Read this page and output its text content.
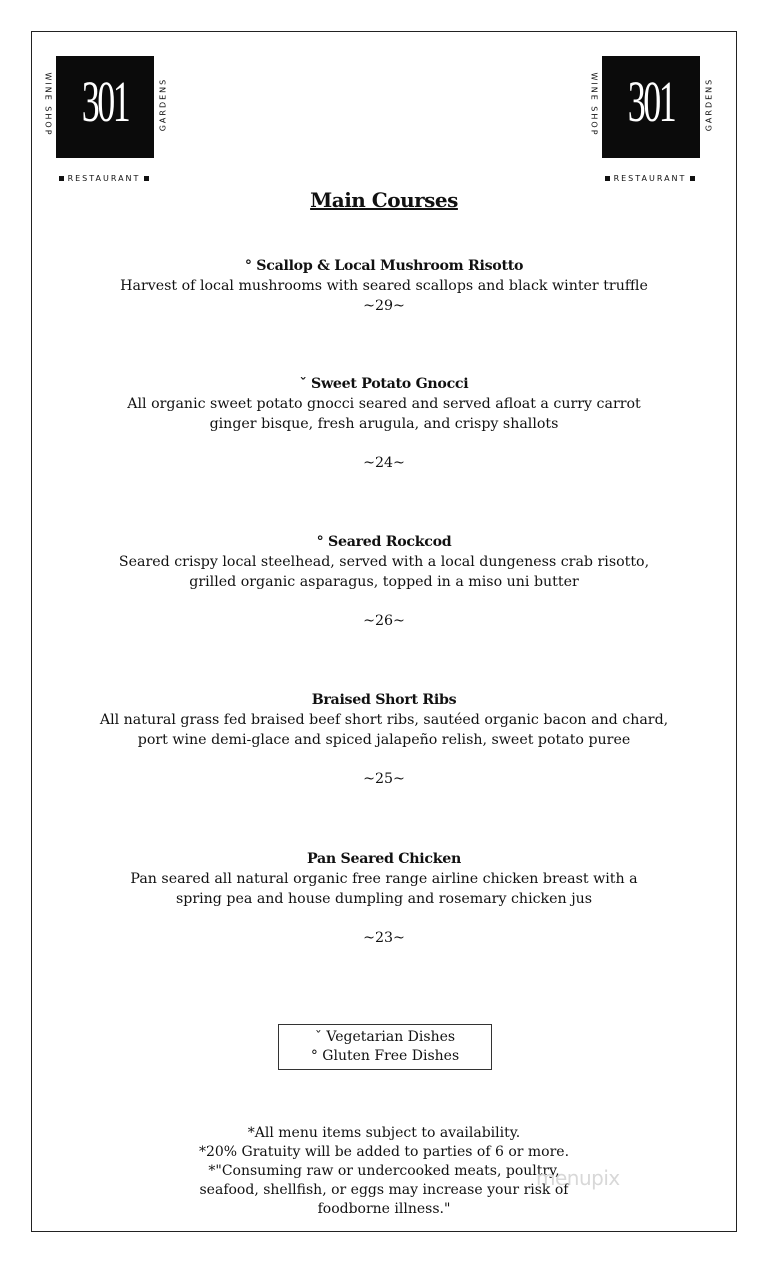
301
WINE SHOP	GARDENS
RESTAURANT
301
WINE SHOP	GARDENS
RESTAURANT
Main Courses
° Scallop & Local Mushroom Risotto
Harvest of local mushrooms with seared scallops and black winter truffle
~29~
ˇ Sweet Potato Gnocci
All organic sweet potato gnocci seared and served afloat a curry carrot ginger bisque, fresh arugula, and crispy shallots
~24~
° Seared Rockcod
Seared crispy local steelhead, served with a local dungeness crab risotto, grilled organic asparagus, topped in a miso uni butter
~26~
Braised Short Ribs
All natural grass fed braised beef short ribs, sautéed organic bacon and chard, port wine demi-glace and spiced jalapeño relish, sweet potato puree
~25~
Pan Seared Chicken
Pan seared all natural organic free range airline chicken breast with a spring pea and house dumpling and rosemary chicken jus
~23~
ˇ Vegetarian Dishes
° Gluten Free Dishes
*All menu items subject to availability.
*20% Gratuity will be added to parties of 6 or more.
*"Consuming raw or undercooked meats, poultry, seafood, shellfish, or eggs may increase your risk of foodborne illness."
menupix
